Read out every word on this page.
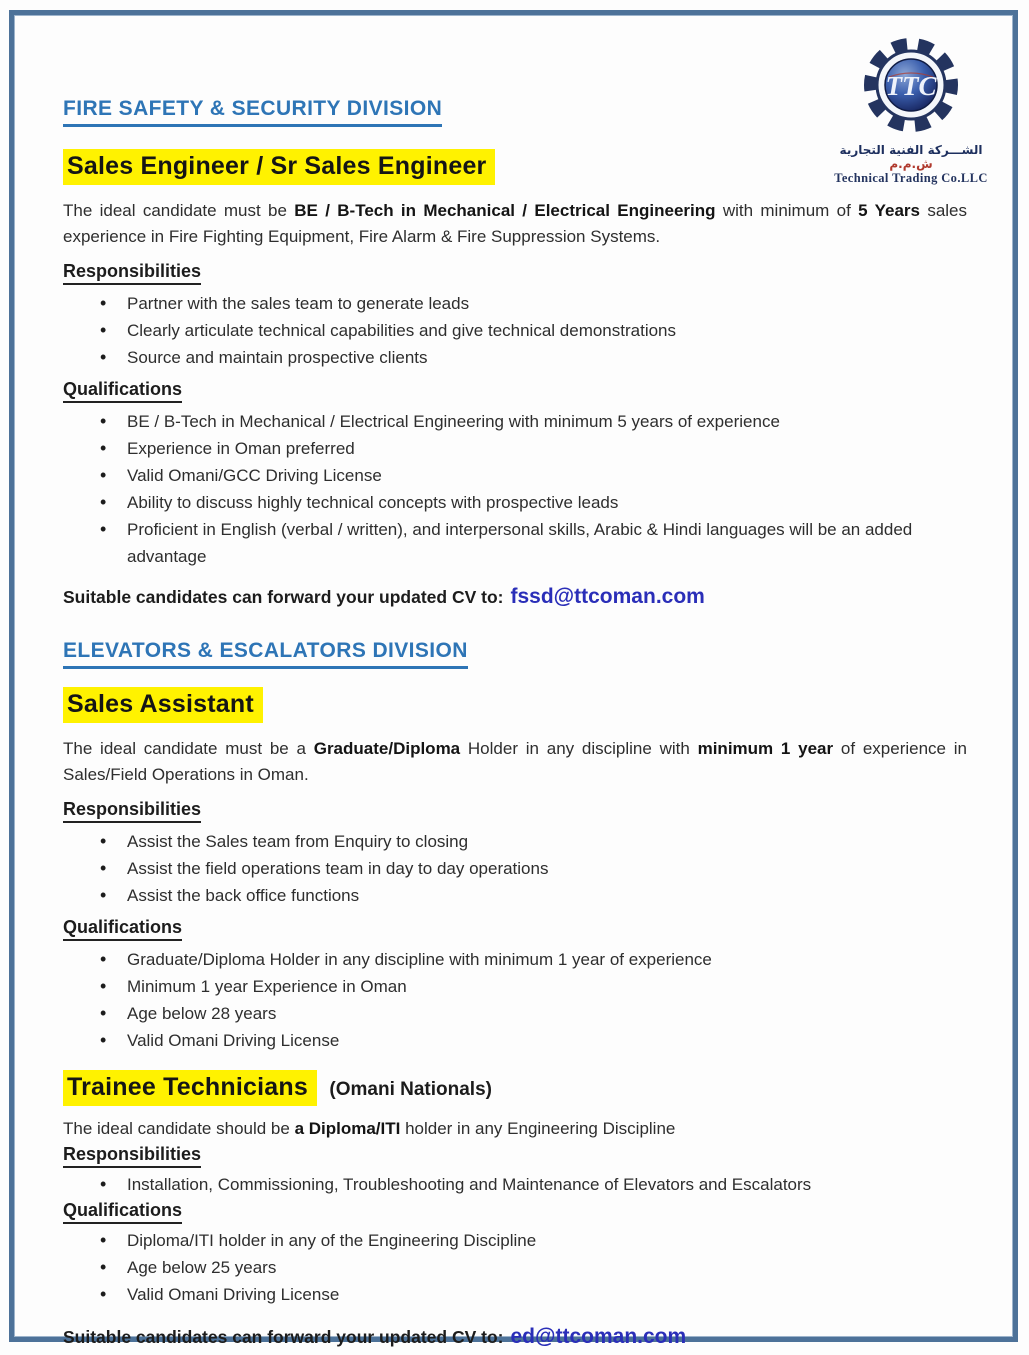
TTC
الشـــركة الفنية التجارية ش.م.م
Technical Trading Co.LLC
FIRE SAFETY & SECURITY DIVISION
Sales Engineer / Sr Sales Engineer

The ideal candidate must be BE / B-Tech in Mechanical / Electrical Engineering with minimum of 5 Years sales experience in Fire Fighting Equipment, Fire Alarm & Fire Suppression Systems.

Responsibilities

• Partner with the sales team to generate leads
• Clearly articulate technical capabilities and give technical demonstrations
• Source and maintain prospective clients

Qualifications

• BE / B-Tech in Mechanical / Electrical Engineering with minimum 5 years of experience
• Experience in Oman preferred
• Valid Omani/GCC Driving License
• Ability to discuss highly technical concepts with prospective leads
• Proficient in English (verbal / written), and interpersonal skills, Arabic & Hindi languages will be an added advantage

Suitable candidates can forward your updated CV to: fssd@ttcoman.com

ELEVATORS & ESCALATORS DIVISION
Sales Assistant

The ideal candidate must be a Graduate/Diploma Holder in any discipline with minimum 1 year of experience in Sales/Field Operations in Oman.

Responsibilities

• Assist the Sales team from Enquiry to closing
• Assist the field operations team in day to day operations
• Assist the back office functions

Qualifications

• Graduate/Diploma Holder in any discipline with minimum 1 year of experience
• Minimum 1 year Experience in Oman
• Age below 28 years
• Valid Omani Driving License
Trainee Technicians (Omani Nationals)

The ideal candidate should be a Diploma/ITI holder in any Engineering Discipline

Responsibilities

• Installation, Commissioning, Troubleshooting and Maintenance of Elevators and Escalators

Qualifications

• Diploma/ITI holder in any of the Engineering Discipline
• Age below 25 years
• Valid Omani Driving License

Suitable candidates can forward your updated CV to: ed@ttcoman.com
